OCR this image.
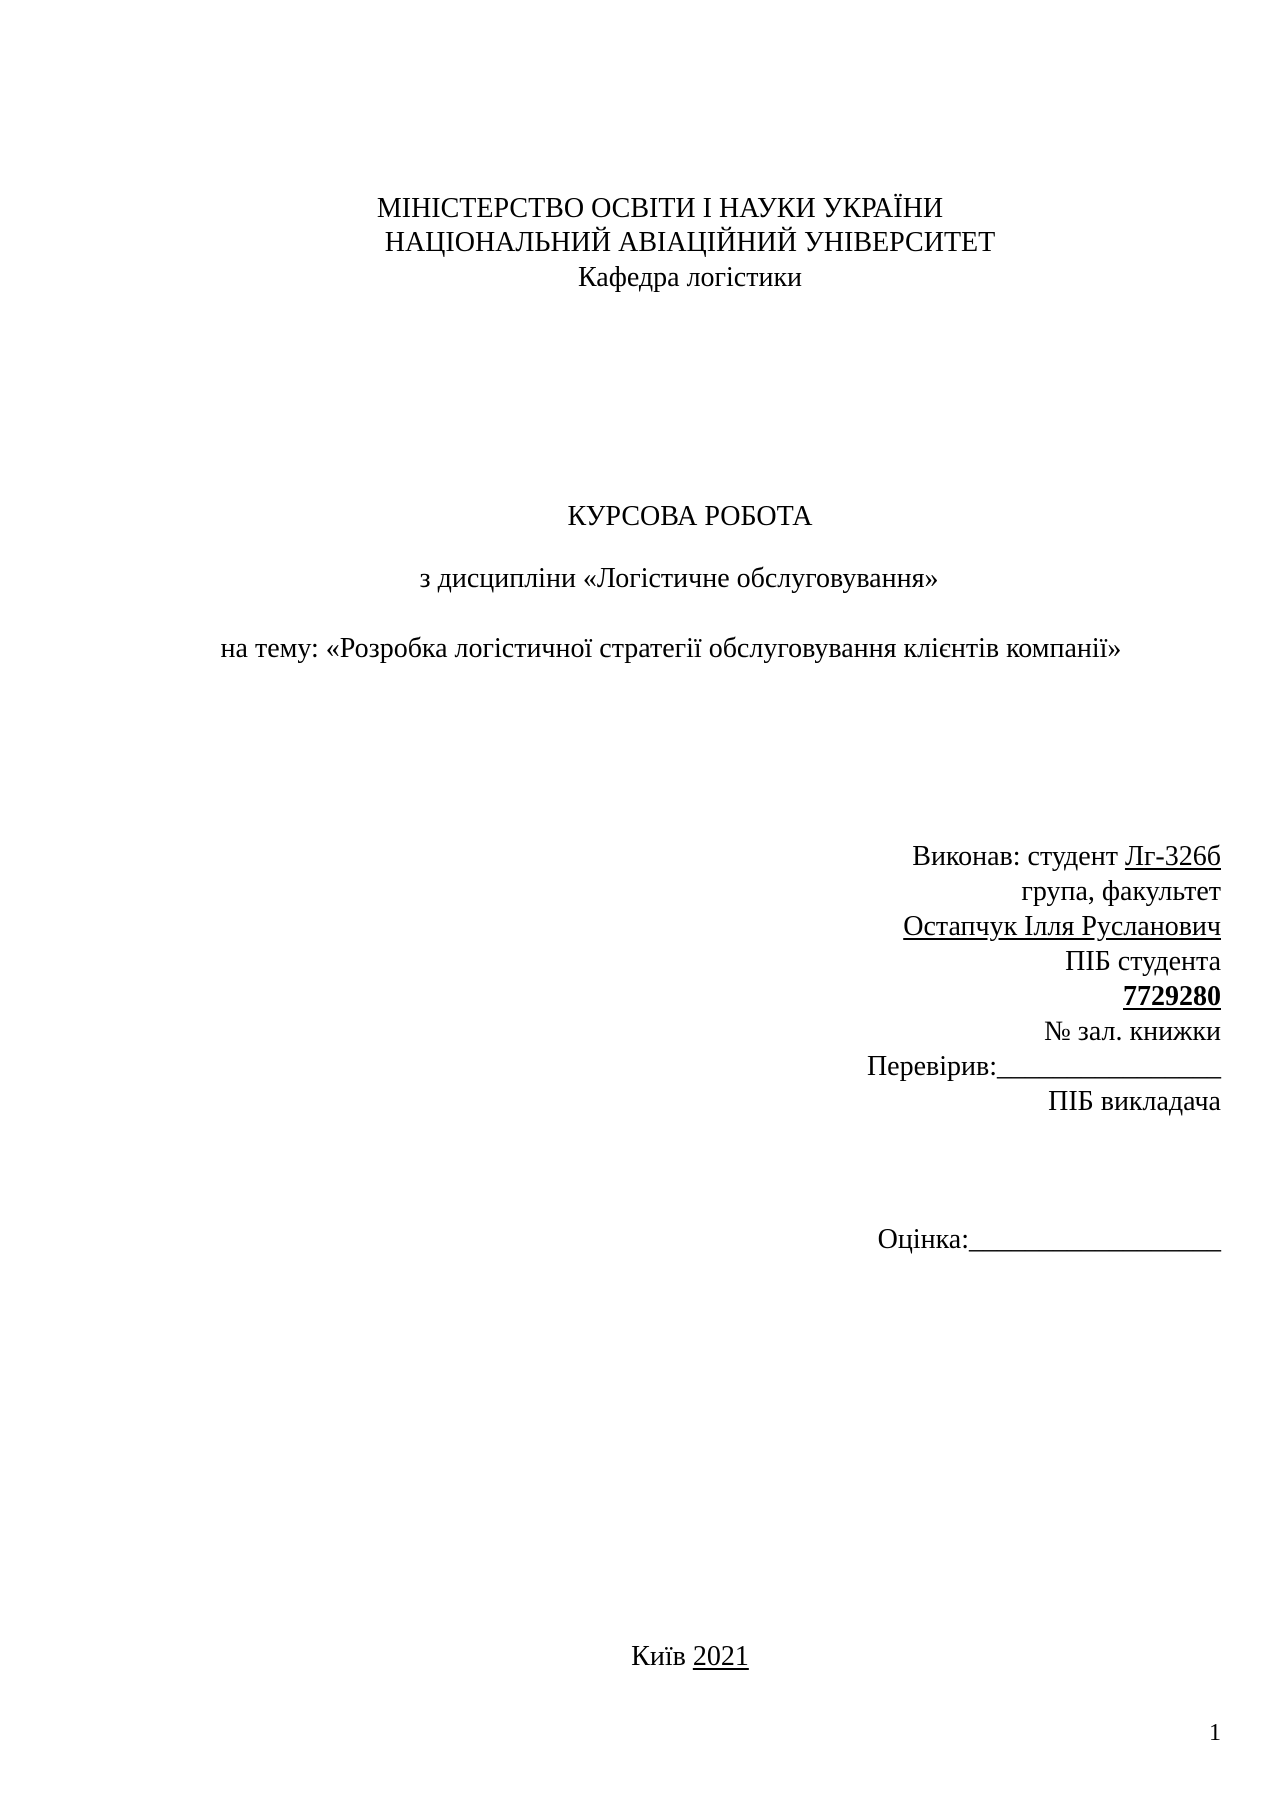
МІНІСТЕРСТВО ОСВІТИ І НАУКИ УКРАЇНИ
НАЦІОНАЛЬНИЙ АВІАЦІЙНИЙ УНІВЕРСИТЕТ
Кафедра логістики
КУРСОВА РОБОТА
з дисципліни «Логістичне обслуговування»
на тему: «Розробка логістичної стратегії обслуговування клієнтів компанії»
Виконав: студент Лг-326б
група, факультет
Остапчук Ілля Русланович
ПІБ студента
7729280
№ зал. книжки
Перевірив:________________
ПІБ викладача
Оцінка:__________________
Київ 2021
1
